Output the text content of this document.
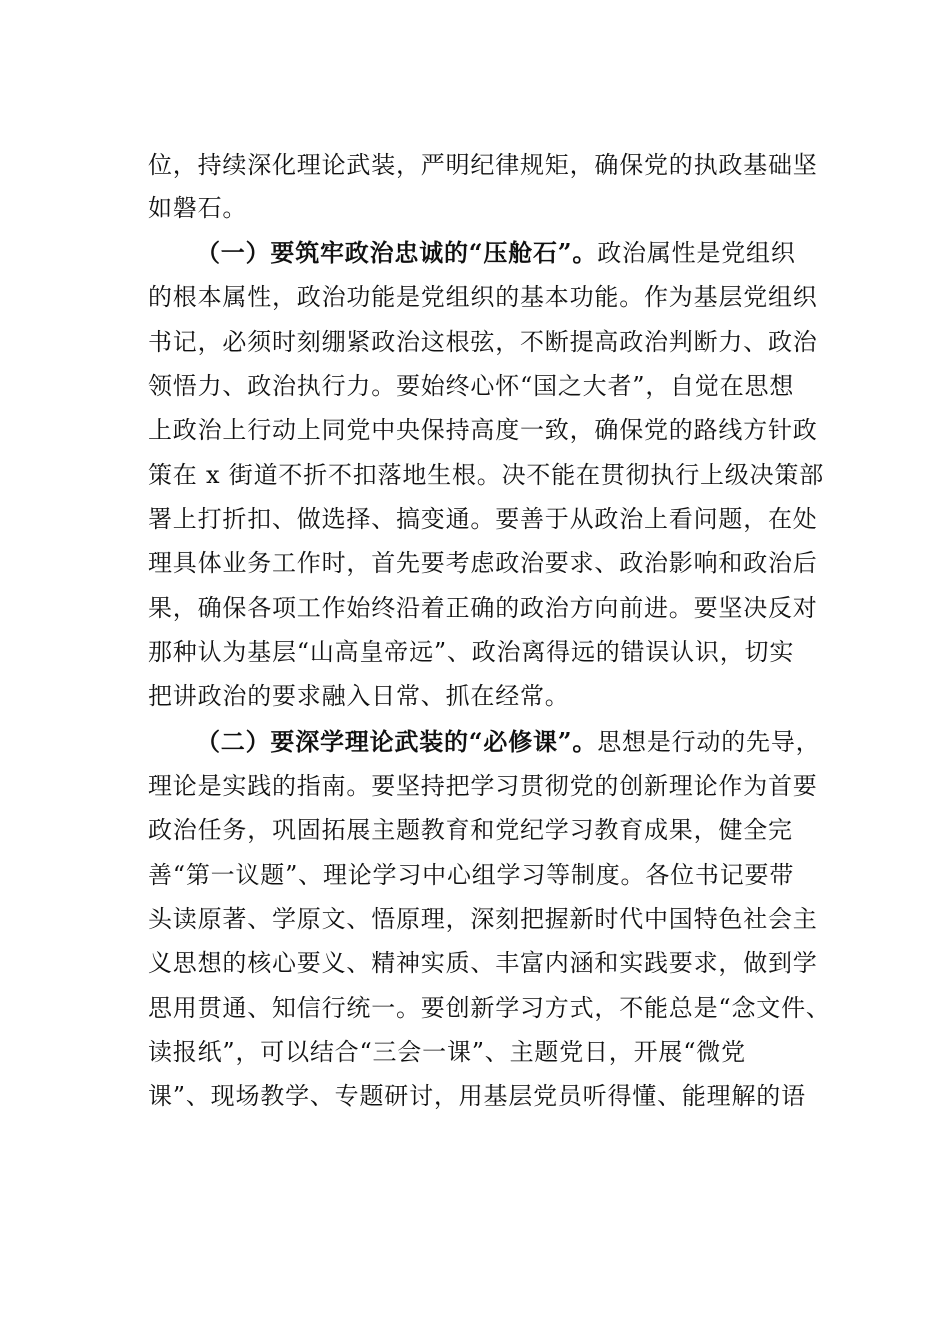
位，持续深化理论武装，严明纪律规矩，确保党的执政基础坚
如磐石。
（一）要筑牢政治忠诚的“压舱石”。政治属性是党组织
的根本属性，政治功能是党组织的基本功能。作为基层党组织
书记，必须时刻绷紧政治这根弦，不断提高政治判断力、政治
领悟力、政治执行力。要始终心怀“国之大者”，自觉在思想
上政治上行动上同党中央保持高度一致，确保党的路线方针政
策在 x 街道不折不扣落地生根。决不能在贯彻执行上级决策部
署上打折扣、做选择、搞变通。要善于从政治上看问题，在处
理具体业务工作时，首先要考虑政治要求、政治影响和政治后
果，确保各项工作始终沿着正确的政治方向前进。要坚决反对
那种认为基层“山高皇帝远”、政治离得远的错误认识，切实
把讲政治的要求融入日常、抓在经常。
（二）要深学理论武装的“必修课”。思想是行动的先导，
理论是实践的指南。要坚持把学习贯彻党的创新理论作为首要
政治任务，巩固拓展主题教育和党纪学习教育成果，健全完
善“第一议题”、理论学习中心组学习等制度。各位书记要带
头读原著、学原文、悟原理，深刻把握新时代中国特色社会主
义思想的核心要义、精神实质、丰富内涵和实践要求，做到学
思用贯通、知信行统一。要创新学习方式，不能总是“念文件、
读报纸”，可以结合“三会一课”、主题党日，开展“微党
课”、现场教学、专题研讨，用基层党员听得懂、能理解的语
